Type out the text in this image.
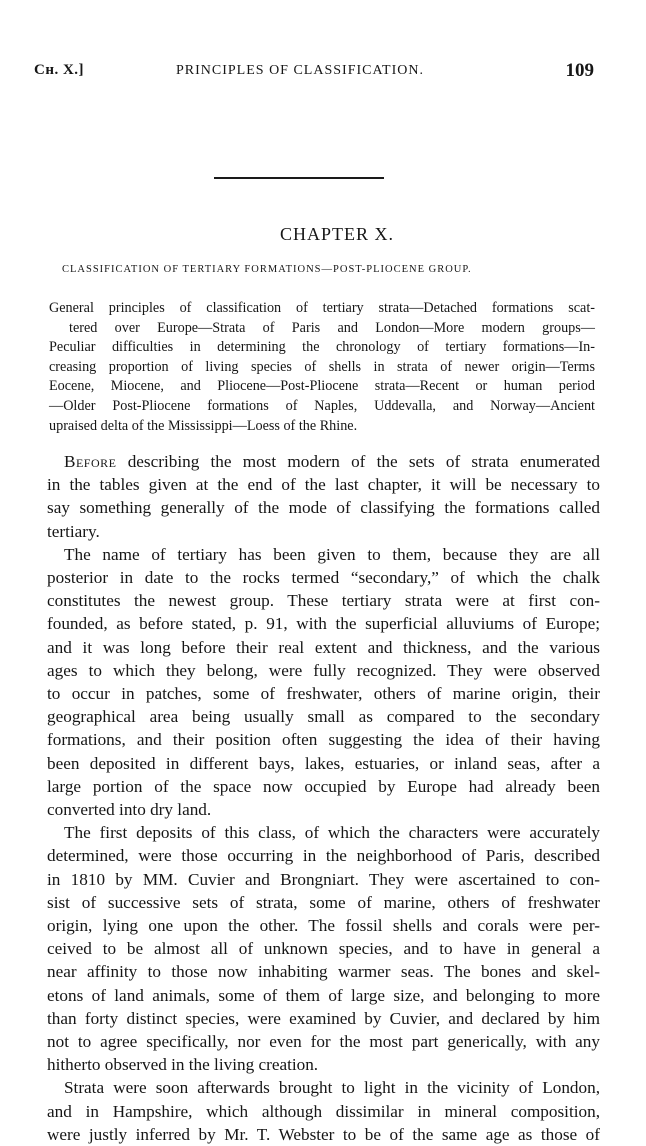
Cʜ. X.]	PRINCIPLES OF CLASSIFICATION.	109
CHAPTER X.
CLASSIFICATION OF TERTIARY FORMATIONS—POST-PLIOCENE GROUP.
General principles of classification of tertiary strata—Detached formations scat-
tered over Europe—Strata of Paris and London—More modern groups—
Peculiar difficulties in determining the chronology of tertiary formations—In-
creasing proportion of living species of shells in strata of newer origin—Terms
Eocene, Miocene, and Pliocene—Post-Pliocene strata—Recent or human period
—Older Post-Pliocene formations of Naples, Uddevalla, and Norway—Ancient
upraised delta of the Mississippi—Loess of the Rhine.
Before describing the most modern of the sets of strata enumerated
in the tables given at the end of the last chapter, it will be necessary to
say something generally of the mode of classifying the formations called
tertiary.
The name of tertiary has been given to them, because they are all
posterior in date to the rocks termed “secondary,” of which the chalk
constitutes the newest group. These tertiary strata were at first con-
founded, as before stated, p. 91, with the superficial alluviums of Europe;
and it was long before their real extent and thickness, and the various
ages to which they belong, were fully recognized. They were observed
to occur in patches, some of freshwater, others of marine origin, their
geographical area being usually small as compared to the secondary
formations, and their position often suggesting the idea of their having
been deposited in different bays, lakes, estuaries, or inland seas, after a
large portion of the space now occupied by Europe had already been
converted into dry land.
The first deposits of this class, of which the characters were accurately
determined, were those occurring in the neighborhood of Paris, described
in 1810 by MM. Cuvier and Brongniart. They were ascertained to con-
sist of successive sets of strata, some of marine, others of freshwater
origin, lying one upon the other. The fossil shells and corals were per-
ceived to be almost all of unknown species, and to have in general a
near affinity to those now inhabiting warmer seas. The bones and skel-
etons of land animals, some of them of large size, and belonging to more
than forty distinct species, were examined by Cuvier, and declared by him
not to agree specifically, nor even for the most part generically, with any
hitherto observed in the living creation.
Strata were soon afterwards brought to light in the vicinity of London,
and in Hampshire, which although dissimilar in mineral composition,
were justly inferred by Mr. T. Webster to be of the same age as those of
